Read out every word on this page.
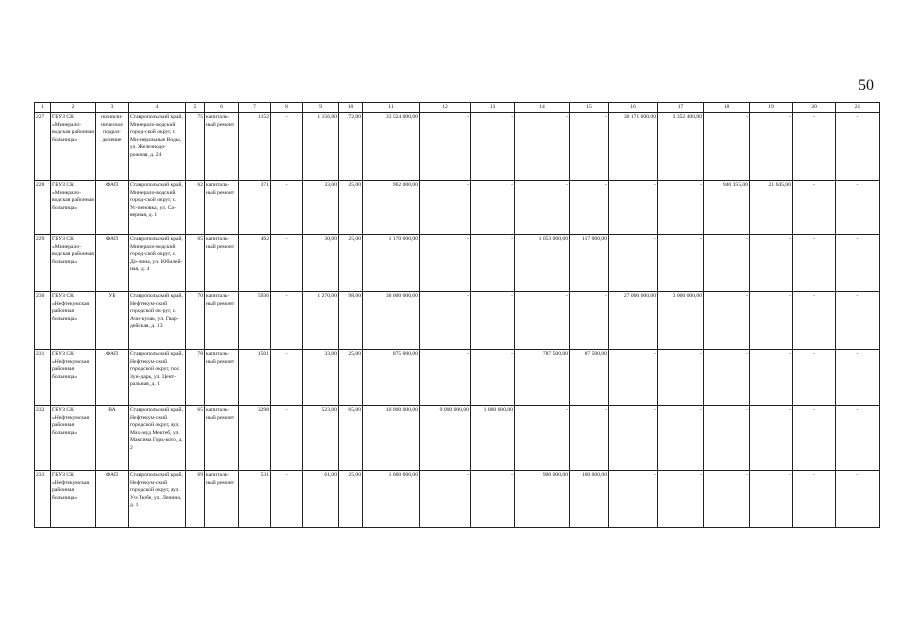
50
1	2	3	4	5	6	7	8	9	10	11	12	13	14	15	16	17	18	19	20	21
227	ГБУЗ СК «Минерало-водская районная больница»	поликли-ническое подраз-деление	Ставропольский край, Минерало-водский город-ской округ, г. Ми-неральные Воды, ул. Железнодо-рожная, д. 24	75	капиталь-ный ремонт	1152	-	1 156,00	72,00	33 524 000,00	-	-	-	-	30 171 600,00	3 352 400,00	-	-	-	-
228	ГБУЗ СК «Минерало-водская районная больница»	ФАП	Ставропольский край, Минерало-водский город-ской округ, с. Ус-пеновка, ул. Са-верная, д. 1	62	капиталь-ный ремонт	371	-	33,00	25,00	962 000,00	-	-	-	-	-	-	940 355,00	21 645,00	-	-
229	ГБУЗ СК «Минерало-водская районная больница»	ФАП	Ставропольский край, Минерало-водский город-ской округ, с. До-лина, ул. Юбилей-ная, д. 4	65	капиталь-ный ремонт	462	-	30,00	25,00	1 170 000,00	-	-	1 053 000,00	117 000,00	-	-	-	-	-	-
230	ГБУЗ СК «Нефтекумская районная больница»	УБ	Ставропольский край, Нефтекум-ский городской ок-руг, с. Ачи-кулак, ул. Гвар-дейская, д. 13	70	капиталь-ный ремонт	5936	-	1 270,00	98,00	30 000 000,00	-	-	-	-	27 000 000,00	3 000 000,00	-	-	-	-
231	ГБУЗ СК «Нефтекумская районная больница»	ФАП	Ставропольский край, Нефтекум-ский городской округ, пос. Зун-дарь, ул. Цент-ральная, д. 1	78	капиталь-ный ремонт	1501	-	33,00	25,00	875 000,00	-	-	787 500,00	87 500,00	-	-	-	-	-	-
232	ГБУЗ СК «Нефтекумская районная больница»	ВА	Ставропольский край, Нефтекум-ский городской округ, аул. Мах-муд Мектеб, ул. Максима Горь-кого, д. 2	65	капиталь-ный ремонт	3298	-	523,00	65,00	10 000 000,00	9 000 000,00	1 000 000,00	-	-	-	-	-	-	-	-
233	ГБУЗ СК «Нефтекумская районная больница»	ФАП	Ставропольский край, Нефтекум-ский городской округ, аул. Уч-Тюбе, ул. Ленина, д. 1	69	капиталь-ный ремонт	531	-	61,00	25,00	1 000 000,00	-	-	900 000,00	100 000,00	-	-	-	-	-	-
